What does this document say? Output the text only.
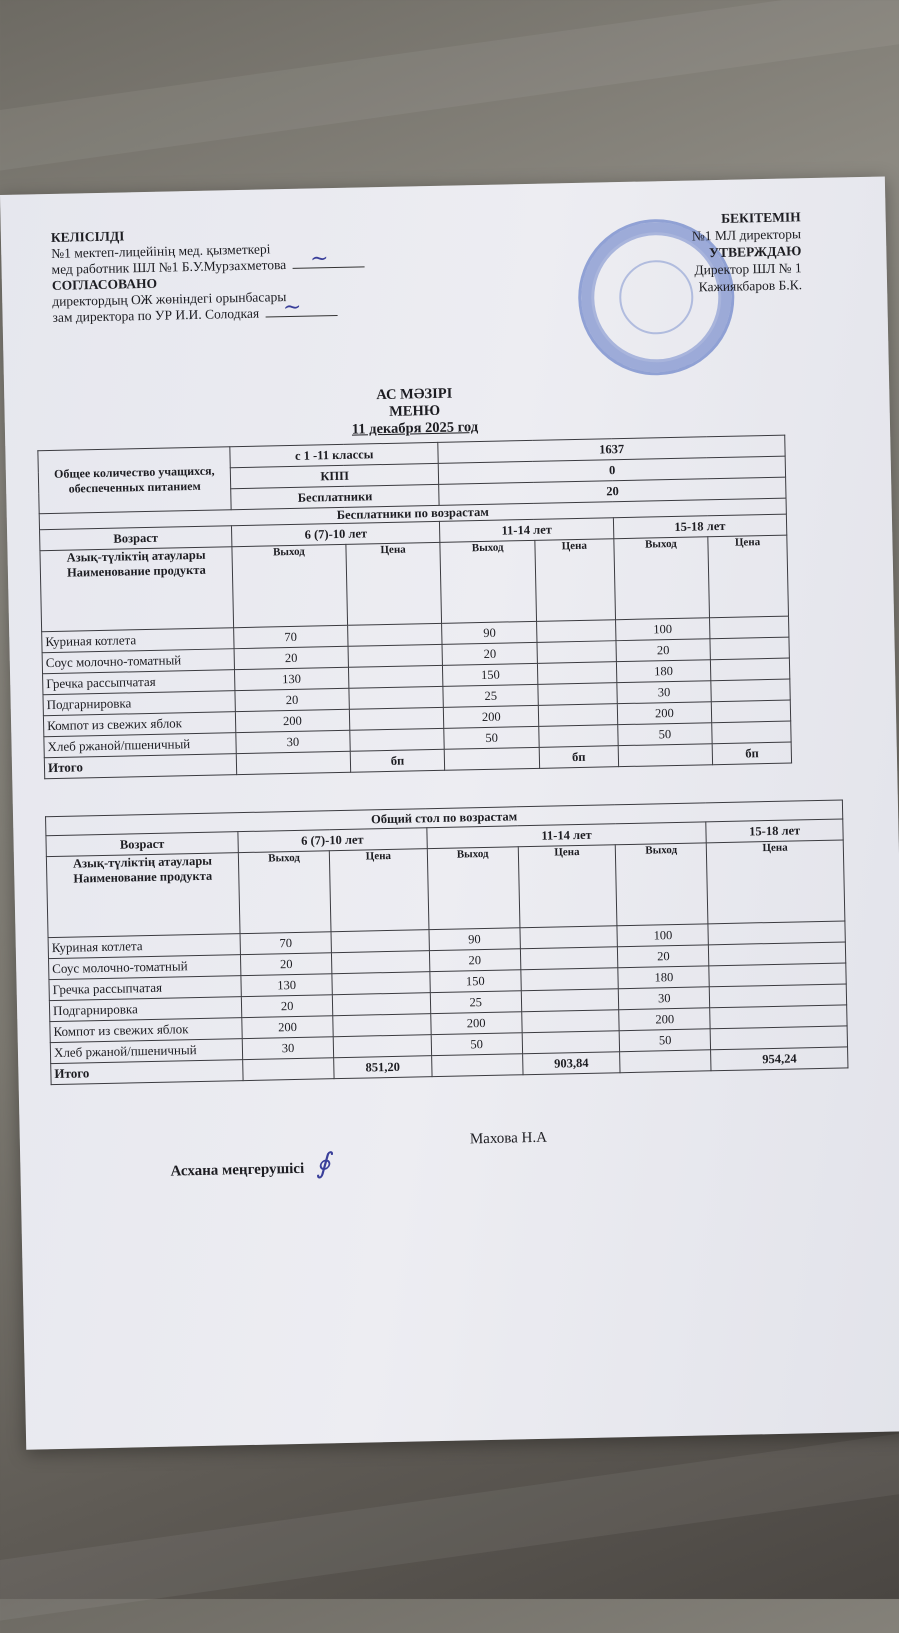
КЕЛІСІЛДІ
№1 мектеп-лицейінің мед. қызметкері
мед работник ШЛ №1 Б.У.Мурзахметова ~
СОГЛАСОВАНО
директордың ОЖ жөніндегі орынбасары
зам директора по УР И.И. Солодкая ~
БЕКІТЕМІН
№1 МЛ директоры
УТВЕРЖДАЮ
Директор ШЛ № 1
Кажиякбаров Б.К.
АС МӘЗІРІ
МЕНЮ
11 декабря 2025 год
Общее количество учащихся, обеспеченных питанием	с 1 -11 классы		1637			
	КПП		0			
	Бесплатники		20			
Бесплатники по возрастам						
Возраст	6 (7)-10 лет		11-14 лет		15-18 лет	

Азық-түліктің атаулары
Наименование продукта	Выход	Цена	Выход	Цена	Выход	Цена
Куриная котлета	70		90		100	
Соус молочно-томатный	20		20		20	
Гречка рассыпчатая	130		150		180	
Подгарнировка	20		25		30	
Компот из свежих яблок	200		200		200	
Хлеб ржаной/пшеничный	30		50		50	
Итого		бп		бп		бп
Общий стол по возрастам						
Возраст	6 (7)-10 лет		11-14 лет			15-18 лет

Азық-түліктің атаулары
Наименование продукта	Выход	Цена	Выход	Цена	Выход	Цена
Куриная котлета	70		90		100	
Соус молочно-томатный	20		20		20	
Гречка рассыпчатая	130		150		180	
Подгарнировка	20		25		30	
Компот из свежих яблок	200		200		200	
Хлеб ржаной/пшеничный	30		50		50	
Итого		851,20		903,84		954,24
Асхана меңгерушісі ∮
Махова Н.А
